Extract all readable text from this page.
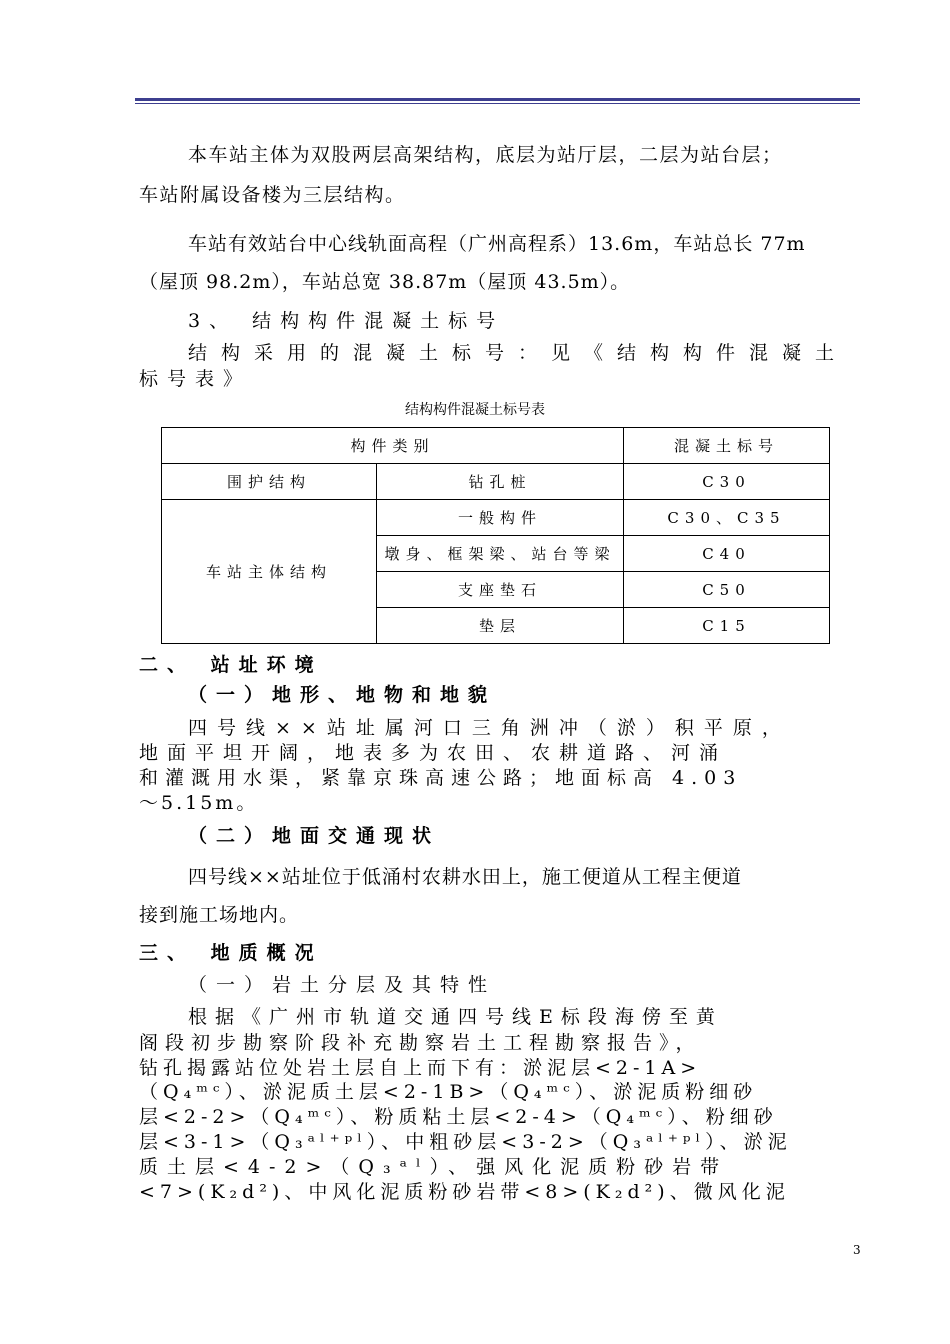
本车站主体为双股两层高架结构，底层为站厅层，二层为站台层；
车站附属设备楼为三层结构。
车站有效站台中心线轨面高程（广州高程系）13.6m，车站总长 77m
（屋顶 98.2m），车站总宽 38.87m（屋顶 43.5m）。
3、 结构构件混凝土标号
结构采用的混凝土标号：见《结构构件混凝土
标号表》
结构构件混凝土标号表
构件类别		混凝土标号
围护结构	钻孔桩	C30
车站主体结构	一般构件	C30、C35

	墩身、框架梁、站台等梁	C40
	支座垫石	C50
	垫层	C15
二、 站址环境
（一）地形、地物和地貌
四号线××站址属河口三角洲冲（淤）积平原，
地面平坦开阔，地表多为农田、农耕道路、河涌
和灌溉用水渠，紧靠京珠高速公路；地面标高 4.03
～5.15m。
（二）地面交通现状
四号线××站址位于低涌村农耕水田上，施工便道从工程主便道
接到施工场地内。
三、 地质概况
（一）岩土分层及其特性
根据《广州市轨道交通四号线E标段海傍至黄
阁段初步勘察阶段补充勘察岩土工程勘察报告》，
钻孔揭露站位处岩土层自上而下有：淤泥层<2-1A>
（Q₄ᵐᶜ）、淤泥质土层<2-1B>（Q₄ᵐᶜ）、淤泥质粉细砂
层<2-2>（Q₄ᵐᶜ）、粉质粘土层<2-4>（Q₄ᵐᶜ）、粉细砂
层<3-1>（Q₃ᵃˡ⁺ᵖˡ）、中粗砂层<3-2>（Q₃ᵃˡ⁺ᵖˡ）、淤泥
质土层<4-2>（Q₃ᵃˡ）、强风化泥质粉砂岩带
<7>(K₂d²)、中风化泥质粉砂岩带<8>(K₂d²)、微风化泥
3
